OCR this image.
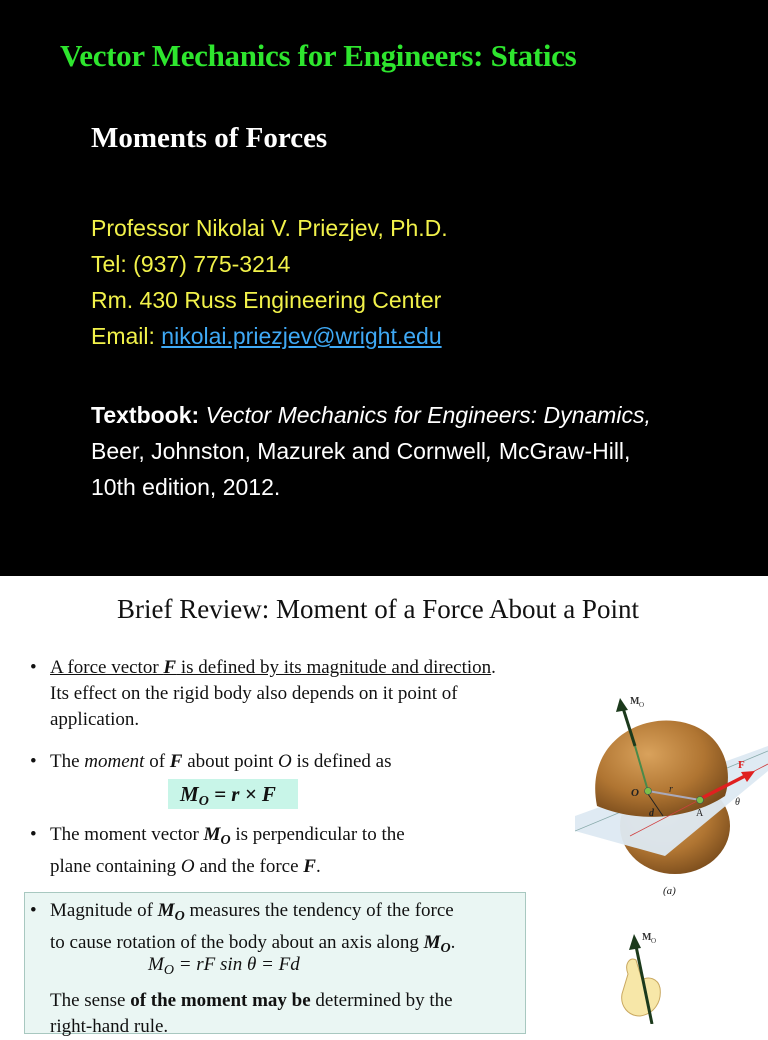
Vector Mechanics for Engineers: Statics
Moments of Forces
Professor Nikolai V. Priezjev, Ph.D.
Tel: (937) 775-3214
Rm. 430 Russ Engineering Center
Email: nikolai.priezjev@wright.edu
Textbook: Vector Mechanics for Engineers: Dynamics,
Beer, Johnston, Mazurek and Cornwell, McGraw-Hill,
10th edition, 2012.
Brief Review: Moment of a Force About a Point
• A force vector F is defined by its magnitude and direction.
Its effect on the rigid body also depends on it point of
application.
• The moment of F about point O is defined as
$M_O = r \times F$
• The moment vector $M_O$ is perpendicular to the
plane containing O and the force F.
• Magnitude of $M_O$ measures the tendency of the force
to cause rotation of the body about an axis along $M_O$.
The sense of the moment may be determined by the
right-hand rule.
$M_O$ = rF sin θ = Fd
M O
F
O	r
d	A
θ
(a)
M O
